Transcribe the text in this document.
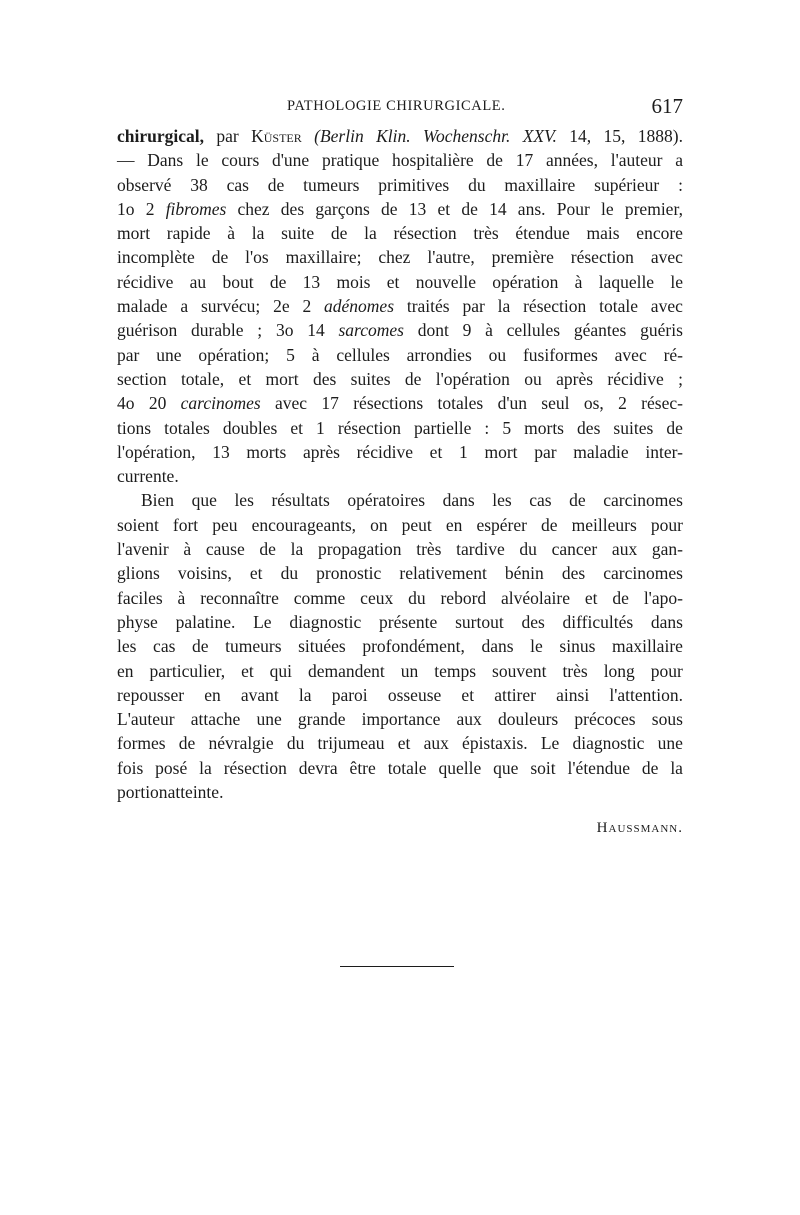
PATHOLOGIE CHIRURGICALE.	617
chirurgical, par Küster (Berlin Klin. Wochenschr. XXV. 14, 15, 1888).
— Dans le cours d'une pratique hospitalière de 17 années, l'auteur a
observé 38 cas de tumeurs primitives du maxillaire supérieur :
1o 2 fibromes chez des garçons de 13 et de 14 ans. Pour le premier,
mort rapide à la suite de la résection très étendue mais encore
incomplète de l'os maxillaire; chez l'autre, première résection avec
récidive au bout de 13 mois et nouvelle opération à laquelle le
malade a survécu; 2e 2 adénomes traités par la résection totale avec
guérison durable ; 3o 14 sarcomes dont 9 à cellules géantes guéris
par une opération; 5 à cellules arrondies ou fusiformes avec ré-
section totale, et mort des suites de l'opération ou après récidive ;
4o 20 carcinomes avec 17 résections totales d'un seul os, 2 résec-
tions totales doubles et 1 résection partielle : 5 morts des suites de
l'opération, 13 morts après récidive et 1 mort par maladie inter-
currente.
Bien que les résultats opératoires dans les cas de carcinomes
soient fort peu encourageants, on peut en espérer de meilleurs pour
l'avenir à cause de la propagation très tardive du cancer aux gan-
glions voisins, et du pronostic relativement bénin des carcinomes
faciles à reconnaître comme ceux du rebord alvéolaire et de l'apo-
physe palatine. Le diagnostic présente surtout des difficultés dans
les cas de tumeurs situées profondément, dans le sinus maxillaire
en particulier, et qui demandent un temps souvent très long pour
repousser en avant la paroi osseuse et attirer ainsi l'attention.
L'auteur attache une grande importance aux douleurs précoces sous
formes de névralgie du trijumeau et aux épistaxis. Le diagnostic une
fois posé la résection devra être totale quelle que soit l'étendue de la
portion atteinte.
Haussmann.
